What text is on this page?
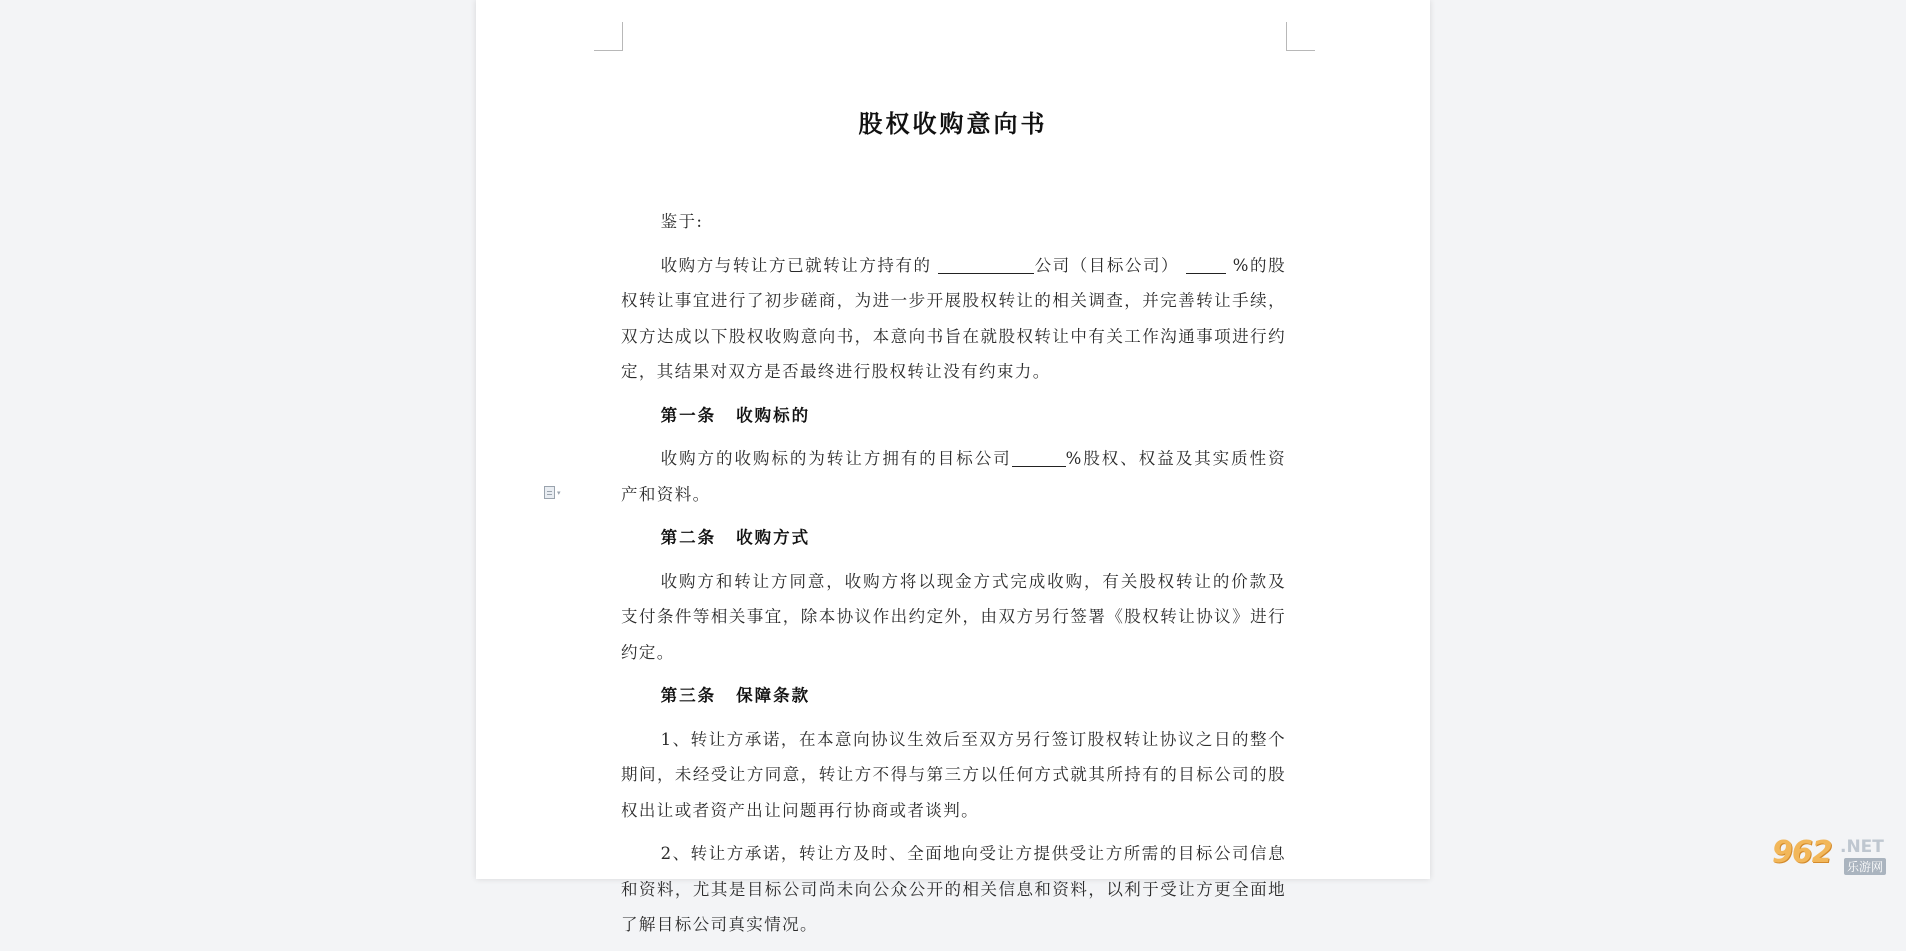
股权收购意向书

鉴于:

收购方与转让方已就转让方持有的	公司（目标公司）  %的股权转让事宜进行了初步磋商，为进一步开展股权转让的相关调查，并完善转让手续，双方达成以下股权收购意向书，本意向书旨在就股权转让中有关工作沟通事项进行约定，其结果对双方是否最终进行股权转让没有约束力。

第一条 收购标的

收购方的收购标的为转让方拥有的目标公司	%股权、权益及其实质性资产和资料。

第二条 收购方式

收购方和转让方同意，收购方将以现金方式完成收购，有关股权转让的价款及支付条件等相关事宜，除本协议作出约定外，由双方另行签署《股权转让协议》进行约定。

第三条 保障条款

1、转让方承诺，在本意向协议生效后至双方另行签订股权转让协议之日的整个期间，未经受让方同意，转让方不得与第三方以任何方式就其所持有的目标公司的股权出让或者资产出让问题再行协商或者谈判。

2、转让方承诺，转让方及时、全面地向受让方提供受让方所需的目标公司信息和资料，尤其是目标公司尚未向公众公开的相关信息和资料，以利于受让方更全面地了解目标公司真实情况。

▾
962 .NET
乐游网
